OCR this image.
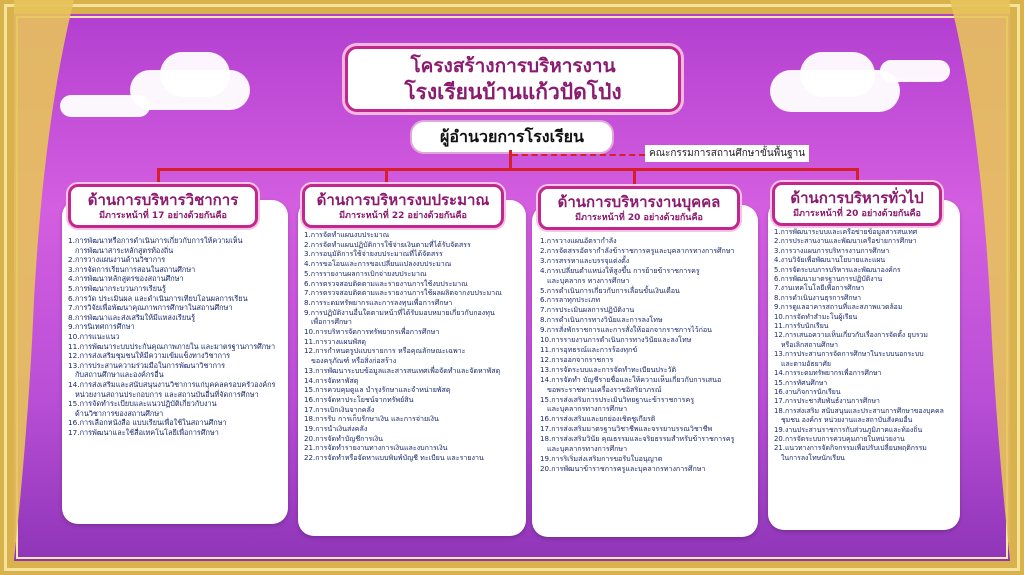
โครงสร้างการบริหารงาน
โรงเรียนบ้านแก้วปัดโป่ง
ผู้อำนวยการโรงเรียน
คณะกรรมการสถานศึกษาขั้นพื้นฐาน
ด้านการบริหารวิชาการ
มีภาระหน้าที่ 17 อย่างด้วยกันคือ
1.การพัฒนาหรือการดำเนินการเกี่ยวกับการให้ความเห็น
การพัฒนาสาระหลักสูตรท้องถิ่น
2.การวางแผนงานด้านวิชาการ
3.การจัดการเรียนการสอนในสถานศึกษา
4.การพัฒนาหลักสูตรของสถานศึกษา
5.การพัฒนากระบวนการเรียนรู้
6.การวัด ประเมินผล และดำเนินการเทียบโอนผลการเรียน
7.การวิจัยเพื่อพัฒนาคุณภาพการศึกษาในสถานศึกษา
8.การพัฒนาและส่งเสริมให้มีแหล่งเรียนรู้
9.การนิเทศการศึกษา
10.การแนะแนว
11.การพัฒนาระบบประกันคุณภาพภายใน และมาตรฐานการศึกษา
12.การส่งเสริมชุมชนให้มีความเข้มแข็งทางวิชาการ
13.การประสานความร่วมมือในการพัฒนาวิชาการ
กับสถานศึกษาและองค์กรอื่น
14.การส่งเสริมและสนับสนุนงานวิชาการแก่บุคคลครอบครัวองค์กร
หน่วยงานสถานประกอบการ และสถานบันอื่นที่จัดการศึกษา
15.การจัดทำระเบียบและแนวปฏิบัติเกี่ยวกับงาน
ด้านวิชาการของสถานศึกษา
16.การเลือกหนังสือ แบบเรียนเพื่อใช้ในสถานศึกษา
17.การพัฒนาและใช้สื่อเทคโนโลยีเพื่อการศึกษา
ด้านการบริหารงบประมาณ
มีภาระหน้าที่ 22 อย่างด้วยกันคือ
1.การจัดทำแผนงบประมาณ
2.การจัดทำแผนปฏิบัติการใช้จ่ายเงินตามที่ได้รับจัดสรร
3.การอนุมัติการใช้จ่ายงบประมาณที่ได้จัดสรร
4.การขอโอนและการขอเปลี่ยนแปลงงบประมาณ
5.การรายงานผลการเบิกจ่ายงบประมาณ
6.การตรวจสอบติดตามและรายงานการใช้งบประมาณ
7.การตรวจสอบติดตามและรายงานการใช้ผลผลิตจากงบประมาณ
8.การระดมทรัพยากรและการลงทุนเพื่อการศึกษา
9.การปฏิบัติงานอื่นใดตามหน้าที่ได้รับมอบหมายเกี่ยวกับกองทุน
เพื่อการศึกษา
10.การบริหารจัดการทรัพยากรเพื่อการศึกษา
11.การวางแผนพัสดุ
12.การกำหนดรูปแบบรายการ หรือคุณลักษณะเฉพาะ
ของครุภัณฑ์ หรือสิ่งก่อสร้าง
13.การพัฒนาระบบข้อมูลและสารสนเทศเพื่อจัดทำและจัดหาพัสดุ
14.การจัดหาพัสดุ
15.การควบคุมดูแล บำรุงรักษาและจำหน่ายพัสดุ
16.การจัดหาประโยชน์จากทรัพย์สิน
17.การเบิกเงินจากคลัง
18.การรับ การเก็บรักษาเงิน และการจ่ายเงิน
19.การนำเงินส่งคลัง
20.การจัดทำบัญชีการเงิน
21.การจัดทำรายงานทางการเงินและงบการเงิน
22.การจัดทำหรือจัดหาแบบพิมพ์บัญชี ทะเบียน และรายงาน
ด้านการบริหารงานบุคคล
มีภาระหน้าที่ 20 อย่างด้วยกันคือ
1.การวางแผนอัตรากำลัง
2.การจัดสรรอัตรากำลังข้าราชการครูและบุคลากรทางการศึกษา
3.การสรรหาและบรรจุแต่งตั้ง
4.การเปลี่ยนตำแหน่งให้สูงขึ้น การย้ายข้าราชการครู
และบุคลากร ทางการศึกษา
5.การดำเนินการเกี่ยวกับการเลื่อนขั้นเงินเดือน
6.การลาทุกประเภท
7.การประเมินผลการปฏิบัติงาน
8.การดำเนินการทางวินัยและการลงโทษ
9.การสั่งพักราชการและการสั่งให้ออกจากราชการไว้ก่อน
10.การรายงานการดำเนินการทางวินัยและลงโทษ
11.การอุทธรณ์และการร้องทุกข์
12.การออกจากราชการ
13.การจัดระบบและการจัดทำทะเบียนประวัติ
14.การจัดทำ บัญชีรายชื่อและให้ความเห็นเกี่ยวกับการเสนอ
ขอพระราชทานเครื่องราชอิสริยาภรณ์
15.การส่งเสริมการประเมินวิทยฐานะข้าราชการครู
และบุคลากรทางการศึกษา
16.การส่งเสริมและยกย่องเชิดชูเกียรติ
17.การส่งเสริมมาตรฐานวิชาชีพและจรรยาบรรณวิชาชีพ
18.การส่งเสริมวินัย คุณธรรมและจริยธรรมสำหรับข้าราชการครู
และบุคลากรทางการศึกษา
19.การริเริ่มส่งเสริมการขอรับใบอนุญาต
20.การพัฒนาข้าราชการครูและบุคลากรทางการศึกษา
ด้านการบริหารทั่วไป
มีภาระหน้าที่ 20 อย่างด้วยกันคือ
1.การพัฒนาระบบและเครือข่ายข้อมูลสารสนเทศ
2.การประสานงานและพัฒนาเครือข่ายการศึกษา
3.การวางแผนการบริหารงานการศึกษา
4.งานวิจัยเพื่อพัฒนานโยบายและแผน
5.การจัดระบบการบริหารและพัฒนาองค์กร
6.การพัฒนามาตรฐานการปฏิบัติงาน
7.งานเทคโนโลยีเพื่อการศึกษา
8.การดำเนินงานธุรการศึกษา
9.การดูแลอาคารสถานที่และสภาพแวดล้อม
10.การจัดทำสำมะโนผู้เรียน
11.การรับนักเรียน
12.การเสนอความเห็นเกี่ยวกับเรื่องการจัดตั้ง ยุบรวม
หรือเลิกสถานศึกษา
13.การประสานการจัดการศึกษาในระบบนอกระบบ
และตามอัธยาศัย
14.การระดมทรัพยากรเพื่อการศึกษา
15.การทัศนศึกษา
16.งานกิจการนักเรียน
17.การประชาสัมพันธ์งานการศึกษา
18.การส่งเสริม สนับสนุนและประสานการศึกษาของบุคคล
ชุมชน องค์กร หน่วยงานและสถาบันสังคมอื่น
19.งานประสานราชการกับส่วนภูมิภาคและท้องถิ่น
20.การจัดระบบการควบคุมภายในหน่วยงาน
21.แนวทางการจัดกิจกรรมเพื่อปรับเปลี่ยนพฤติกรรม
ในการลงโทษนักเรียน
